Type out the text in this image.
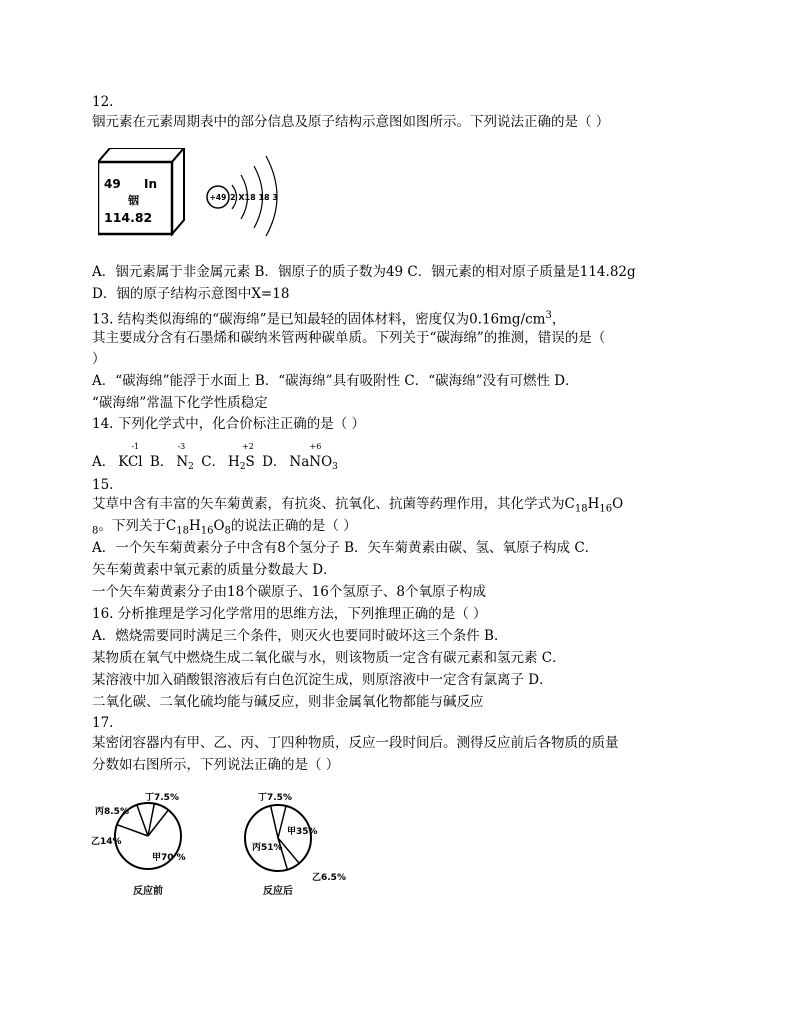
12.
铟元素在元素周期表中的部分信息及原子结构示意图如图所示。下列说法正确的是（ ）
49 In
铟
114.82
+49 2 X18 18 3
A．铟元素属于非金属元素 B．铟原子的质子数为49 C．铟元素的相对原子质量是114.82g
D．铟的原子结构示意图中X=18
13. 结构类似海绵的“碳海绵”是已知最轻的固体材料，密度仅为$0.16mg/cm^3$，
其主要成分含有石墨烯和碳纳米管两种碳单质。下列关于“碳海绵”的推测，错误的是（
）
A．“碳海绵”能浮于水面上 B．“碳海绵”具有吸附性 C．“碳海绵”没有可燃性 D．
“碳海绵”常温下化学性质稳定
14. 下列化学式中，化合价标注正确的是（ ）
A．
-1
KCl B．
-3
$N_2$ C．
+2
$H_2S$ D．
+6
NaNO$_3$
15.
艾草中含有丰富的矢车菊黄素，有抗炎、抗氧化、抗菌等药理作用，其化学式为$C_{18}H_{16}O$
$_8$。下列关于$C_{18}H_{16}O_8$的说法正确的是（ ）
A．一个矢车菊黄素分子中含有8个氢分子 B．矢车菊黄素由碳、氢、氧原子构成 C．
矢车菊黄素中氧元素的质量分数最大 D．
一个矢车菊黄素分子由18个碳原子、16个氢原子、8个氧原子构成
16. 分析推理是学习化学常用的思维方法，下列推理正确的是（ ）
A．燃烧需要同时满足三个条件，则灭火也要同时破坏这三个条件 B．
某物质在氧气中燃烧生成二氧化碳与水，则该物质一定含有碳元素和氢元素 C．
某溶液中加入硝酸银溶液后有白色沉淀生成，则原溶液中一定含有氯离子 D．
二氧化碳、二氧化硫均能与碱反应，则非金属氧化物都能与碱反应
17.
某密闭容器内有甲、乙、丙、丁四种物质，反应一段时间后。测得反应前后各物质的质量
分数如右图所示，下列说法正确的是（ ）
甲70 %
乙14%
丙8.5%
丁7.5%
反应前
甲35%
乙6.5%
丙51%
丁7.5%
反应后
